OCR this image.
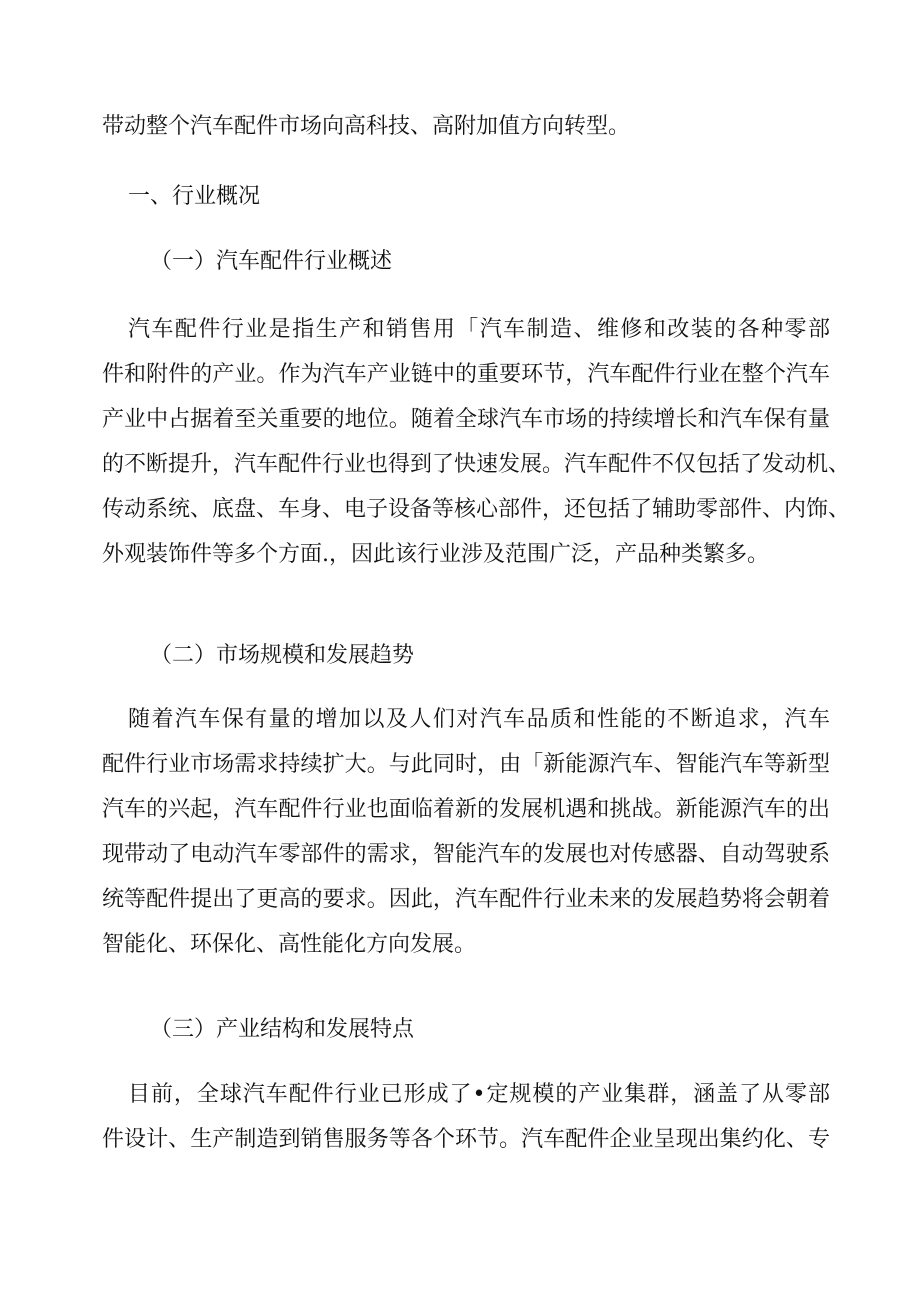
带动整个汽车配件市场向高科技、高附加值方向转型。
一、行业概况
（一）汽车配件行业概述
汽车配件行业是指生产和销售用「汽车制造、维修和改装的各种零部
件和附件的产业。作为汽车产业链中的重要环节，汽车配件行业在整个汽车
产业中占据着至关重要的地位。随着全球汽车市场的持续增长和汽车保有量
的不断提升，汽车配件行业也得到了快速发展。汽车配件不仅包括了发动机、
传动系统、底盘、车身、电子设备等核心部件，还包括了辅助零部件、内饰、
外观装饰件等多个方面.，因此该行业涉及范围广泛，产品种类繁多。
（二）市场规模和发展趋势
随着汽车保有量的增加以及人们对汽车品质和性能的不断追求，汽车
配件行业市场需求持续扩大。与此同时，由「新能源汽车、智能汽车等新型
汽车的兴起，汽车配件行业也面临着新的发展机遇和挑战。新能源汽车的出
现带动了电动汽车零部件的需求，智能汽车的发展也对传感器、自动驾驶系
统等配件提出了更高的要求。因此，汽车配件行业未来的发展趋势将会朝着
智能化、环保化、高性能化方向发展。
（三）产业结构和发展特点
目前，全球汽车配件行业已形成了•定规模的产业集群，涵盖了从零部
件设计、生产制造到销售服务等各个环节。汽车配件企业呈现出集约化、专
